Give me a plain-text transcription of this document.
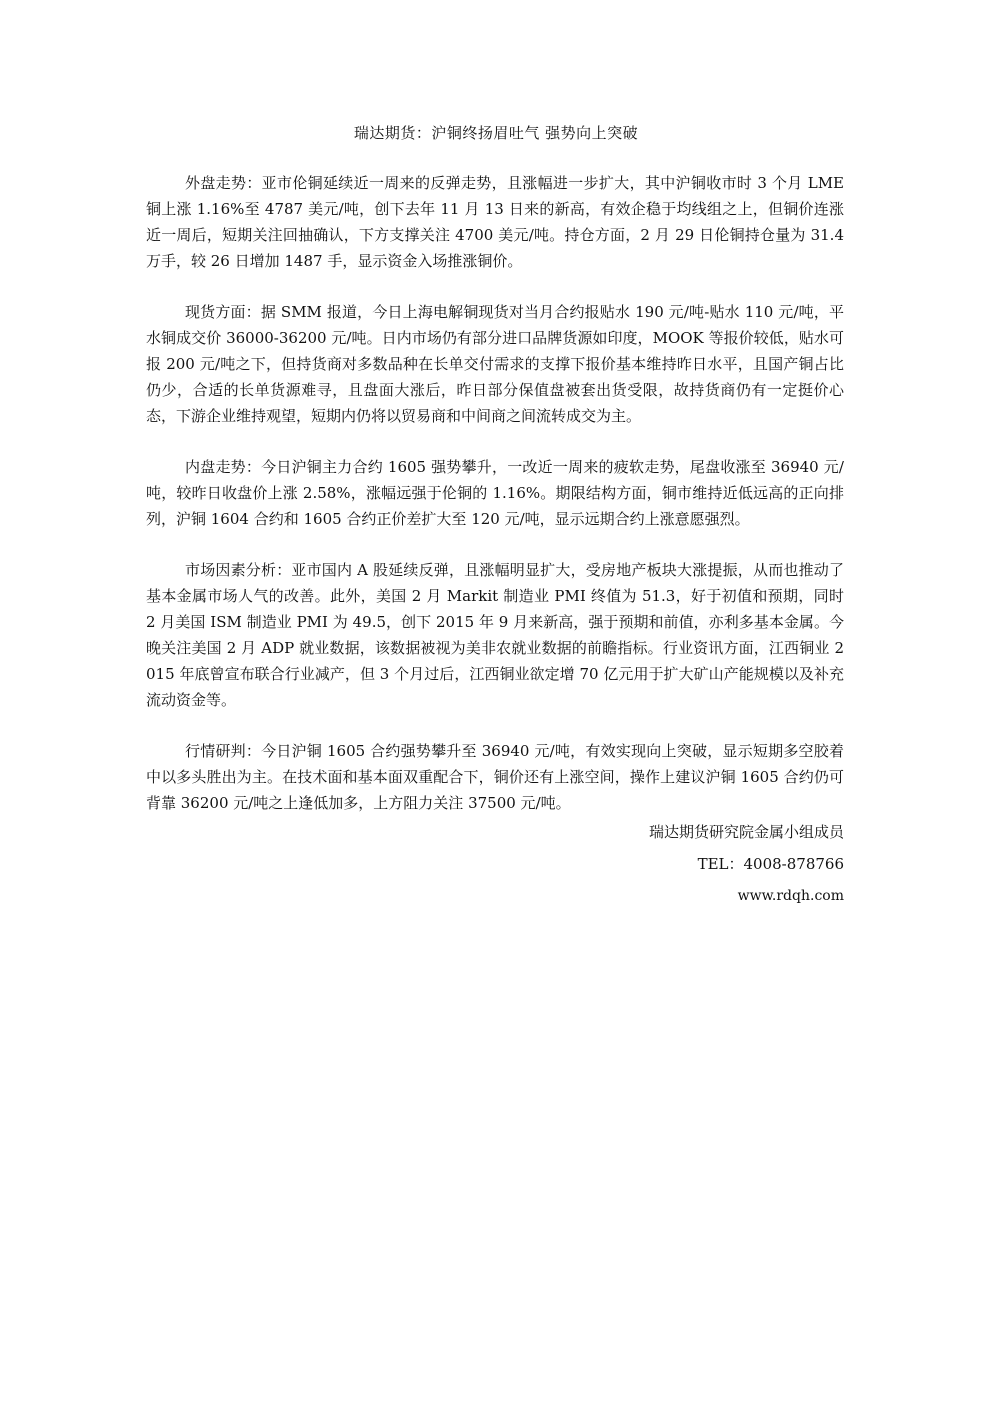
瑞达期货：沪铜终扬眉吐气 强势向上突破

外盘走势：亚市伦铜延续近一周来的反弹走势，且涨幅进一步扩大，其中沪铜收市时 3 个月 LME 铜上涨 1.16%至 4787 美元/吨，创下去年 11 月 13 日来的新高，有效企稳于均线组之上，但铜价连涨近一周后，短期关注回抽确认，下方支撑关注 4700 美元/吨。持仓方面，2 月 29 日伦铜持仓量为 31.4 万手，较 26 日增加 1487 手，显示资金入场推涨铜价。

现货方面：据 SMM 报道，今日上海电解铜现货对当月合约报贴水 190 元/吨-贴水 110 元/吨，平水铜成交价 36000-36200 元/吨。日内市场仍有部分进口品牌货源如印度，MOOK 等报价较低，贴水可报 200 元/吨之下，但持货商对多数品种在长单交付需求的支撑下报价基本维持昨日水平，且国产铜占比仍少，合适的长单货源难寻，且盘面大涨后，昨日部分保值盘被套出货受限，故持货商仍有一定挺价心态，下游企业维持观望，短期内仍将以贸易商和中间商之间流转成交为主。

内盘走势：今日沪铜主力合约 1605 强势攀升，一改近一周来的疲软走势，尾盘收涨至 36940 元/吨，较昨日收盘价上涨 2.58%，涨幅远强于伦铜的 1.16%。期限结构方面，铜市维持近低远高的正向排列，沪铜 1604 合约和 1605 合约正价差扩大至 120 元/吨，显示远期合约上涨意愿强烈。

市场因素分析：亚市国内 A 股延续反弹，且涨幅明显扩大，受房地产板块大涨提振，从而也推动了基本金属市场人气的改善。此外，美国 2 月 Markit 制造业 PMI 终值为 51.3，好于初值和预期，同时 2 月美国 ISM 制造业 PMI 为 49.5，创下 2015 年 9 月来新高，强于预期和前值，亦利多基本金属。今晚关注美国 2 月 ADP 就业数据，该数据被视为美非农就业数据的前瞻指标。行业资讯方面，江西铜业 2015 年底曾宣布联合行业减产，但 3 个月过后，江西铜业欲定增 70 亿元用于扩大矿山产能规模以及补充流动资金等。

行情研判：今日沪铜 1605 合约强势攀升至 36940 元/吨，有效实现向上突破，显示短期多空胶着中以多头胜出为主。在技术面和基本面双重配合下，铜价还有上涨空间，操作上建议沪铜 1605 合约仍可背靠 36200 元/吨之上逢低加多，上方阻力关注 37500 元/吨。

瑞达期货研究院金属小组成员
TEL：4008-878766
www.rdqh.com
